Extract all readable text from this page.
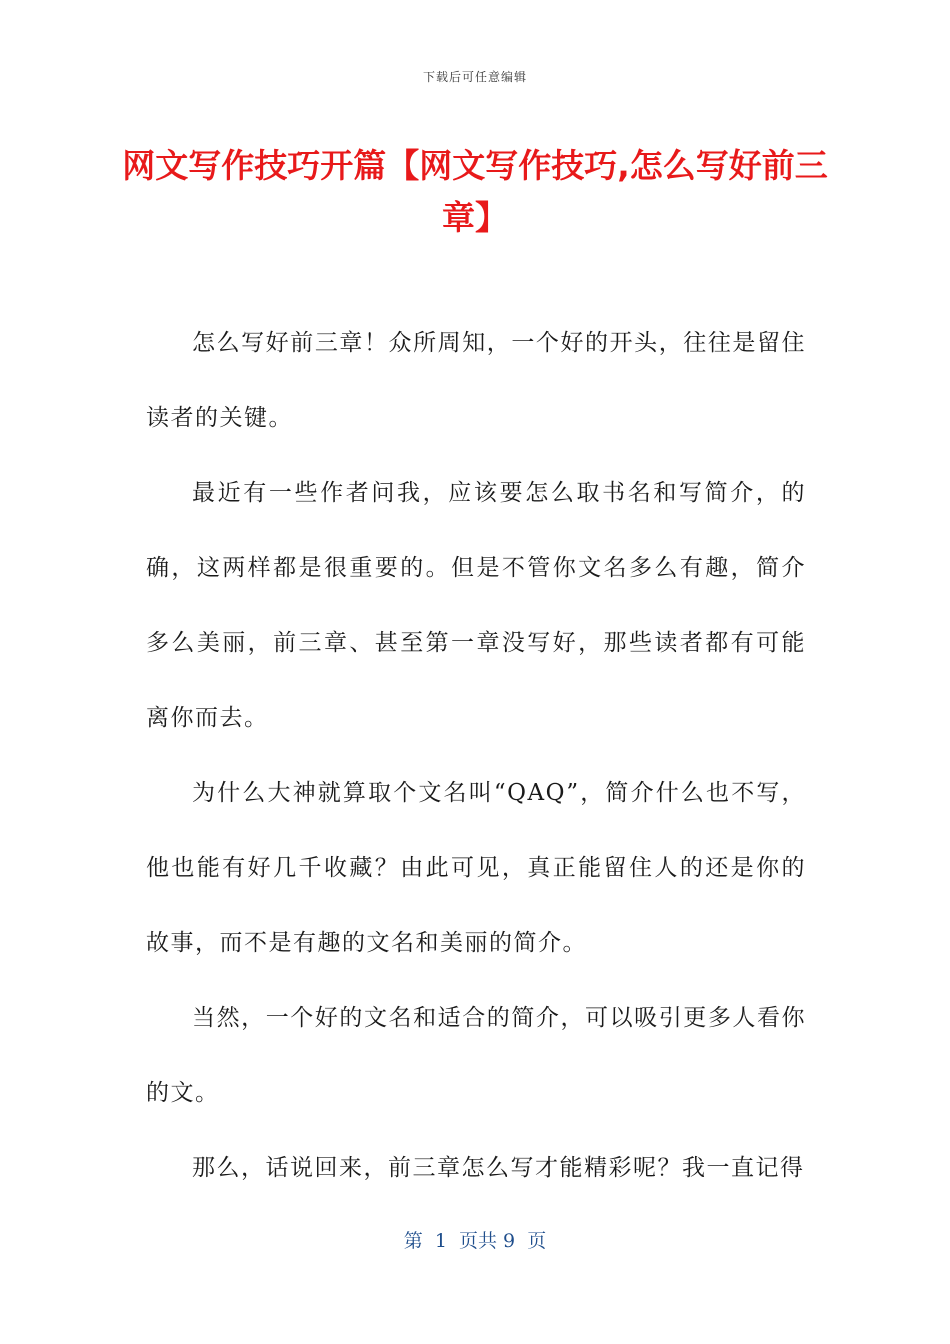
下载后可任意编辑
网文写作技巧开篇【网文写作技巧,怎么写好前三章】

怎么写好前三章！众所周知，一个好的开头，往往是留住读者的关键。

最近有一些作者问我，应该要怎么取书名和写简介，的确，这两样都是很重要的。但是不管你文名多么有趣，简介多么美丽，前三章、甚至第一章没写好，那些读者都有可能离你而去。

为什么大神就算取个文名叫“QAQ”，简介什么也不写，他也能有好几千收藏？由此可见，真正能留住人的还是你的故事，而不是有趣的文名和美丽的简介。

当然，一个好的文名和适合的简介，可以吸引更多人看你的文。

那么，话说回来，前三章怎么写才能精彩呢？我一直记得

第  1  页共 9  页
